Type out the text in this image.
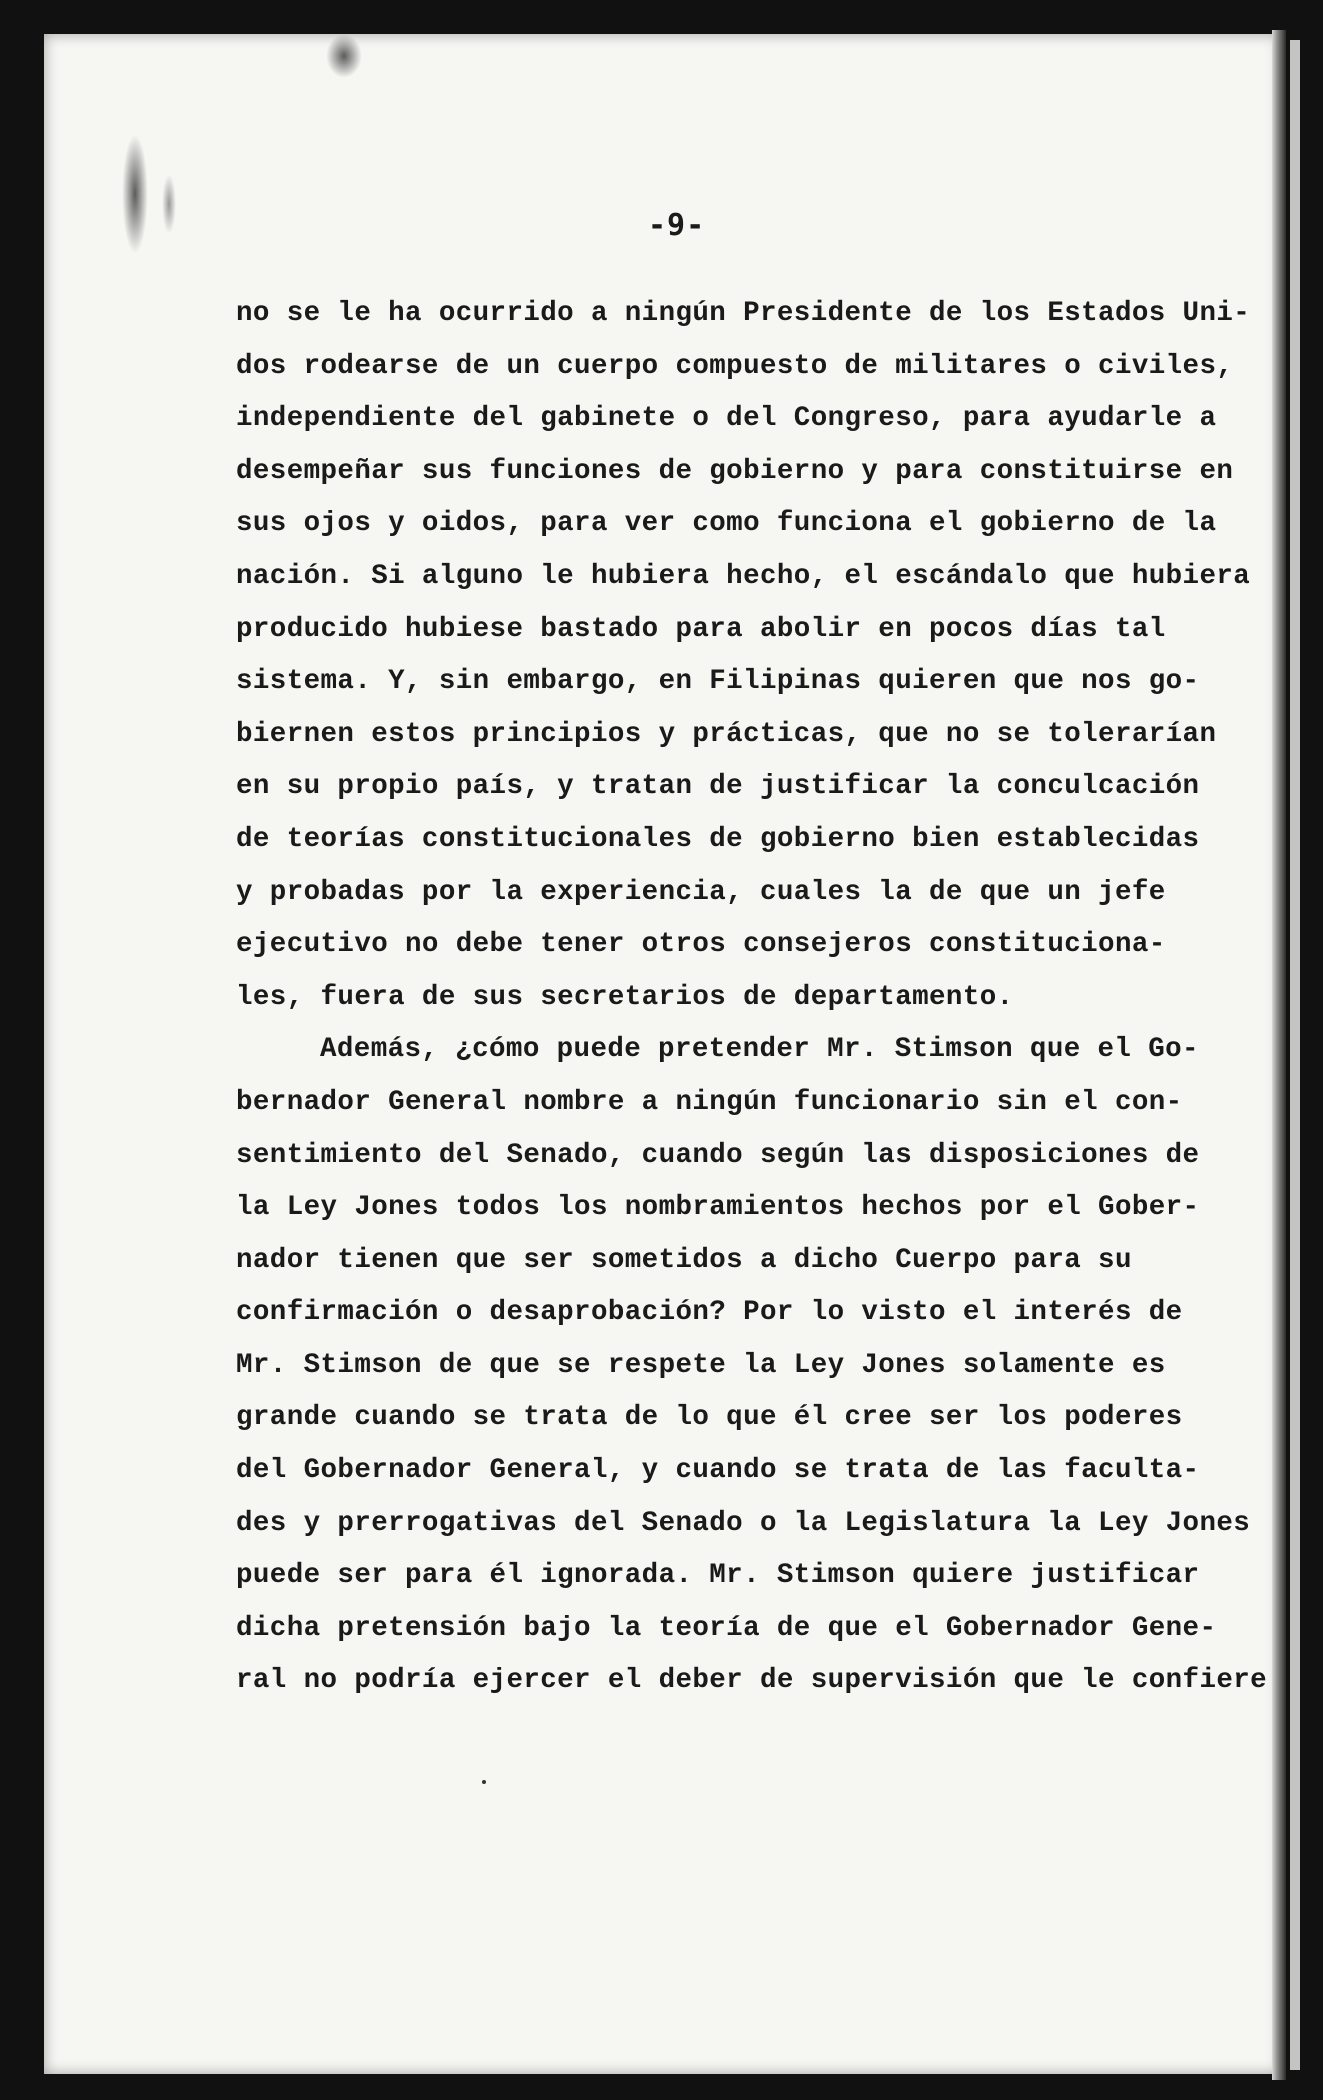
-9-
no se le ha ocurrido a ningún Presidente de los Estados Uni-
dos rodearse de un cuerpo compuesto de militares o civiles,
independiente del gabinete o del Congreso, para ayudarle a
desempeñar sus funciones de gobierno y para constituirse en
sus ojos y oidos, para ver como funciona el gobierno de la
nación. Si alguno le hubiera hecho, el escándalo que hubiera
producido hubiese bastado para abolir en pocos días tal
sistema. Y, sin embargo, en Filipinas quieren que nos go-
biernen estos principios y prácticas, que no se tolerarían
en su propio país, y tratan de justificar la conculcación
de teorías constitucionales de gobierno bien establecidas
y probadas por la experiencia, cuales la de que un jefe
ejecutivo no debe tener otros consejeros constituciona-
les, fuera de sus secretarios de departamento.
Además, ¿cómo puede pretender Mr. Stimson que el Go-
bernador General nombre a ningún funcionario sin el con-
sentimiento del Senado, cuando según las disposiciones de
la Ley Jones todos los nombramientos hechos por el Gober-
nador tienen que ser sometidos a dicho Cuerpo para su
confirmación o desaprobación? Por lo visto el interés de
Mr. Stimson de que se respete la Ley Jones solamente es
grande cuando se trata de lo que él cree ser los poderes
del Gobernador General, y cuando se trata de las faculta-
des y prerrogativas del Senado o la Legislatura la Ley Jones
puede ser para él ignorada. Mr. Stimson quiere justificar
dicha pretensión bajo la teoría de que el Gobernador Gene-
ral no podría ejercer el deber de supervisión que le confiere
